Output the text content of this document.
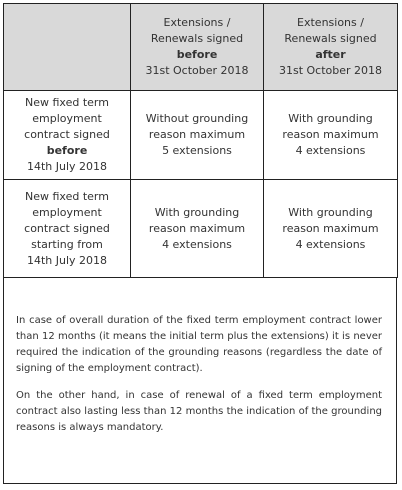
	Extensions /
Renewals signed
before
31st October 2018	Extensions /
Renewals signed
after
31st October 2018

New fixed term
employment
contract signed
before
14th July 2018	Without grounding
reason maximum
5 extensions	With grounding
reason maximum
4 extensions

New fixed term
employment
contract signed
starting from
14th July 2018	With grounding
reason maximum
4 extensions	With grounding
reason maximum
4 extensions

In case of overall duration of the fixed term employment contract lower than 12 months (it means the initial term plus the extensions) it is never required the indication of the grounding reasons (regardless the date of signing of the employment contract).

On the other hand, in case of renewal of a fixed term employment contract also lasting less than 12 months the indication of the grounding reasons is always mandatory.
